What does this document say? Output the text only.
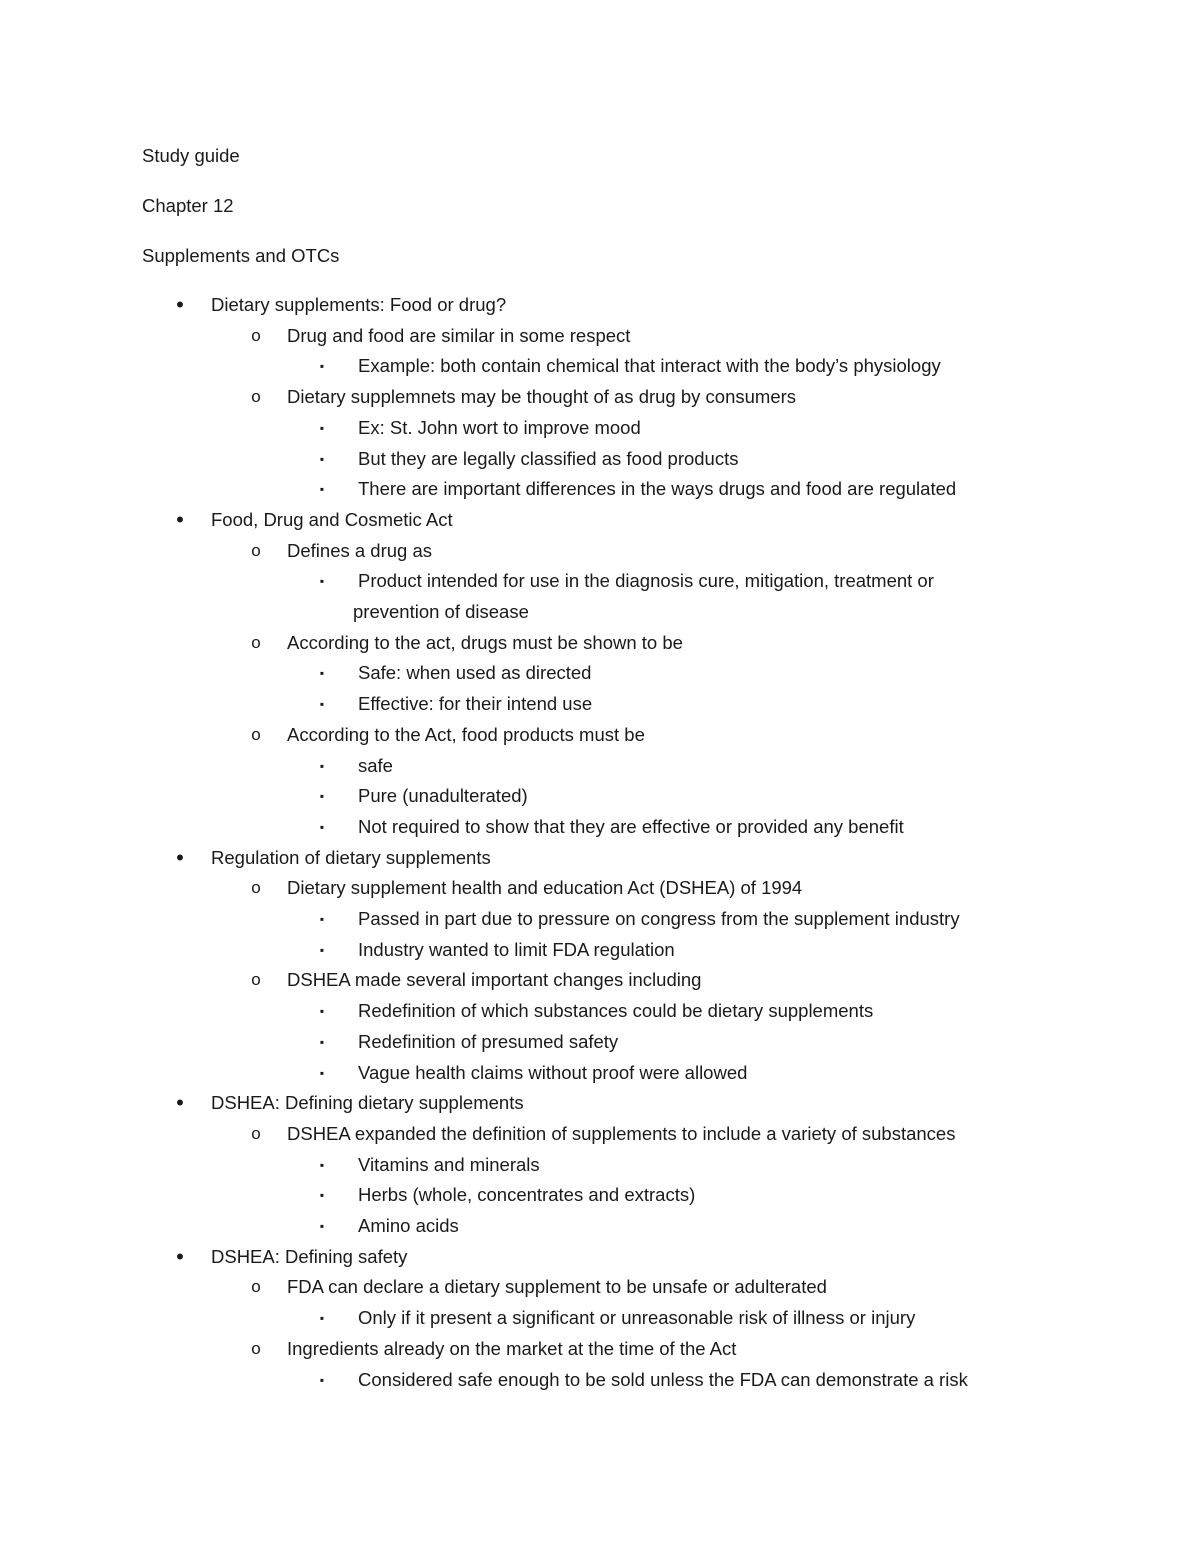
Study guide
Chapter 12
Supplements and OTCs
•	Dietary supplements: Food or drug?
o Drug and food are similar in some respect
▪	Example: both contain chemical that interact with the body’s physiology
o Dietary supplemnets may be thought of as drug by consumers
▪	Ex: St. John wort to improve mood
▪	But they are legally classified as food products
▪	There are important differences in the ways drugs and food are regulated
•	Food, Drug and Cosmetic Act
o Defines a drug as
▪	Product intended for use in the diagnosis cure, mitigation, treatment or
prevention of disease
o According to the act, drugs must be shown to be
▪	Safe: when used as directed
▪	Effective: for their intend use
o According to the Act, food products must be
▪	safe
▪	Pure (unadulterated)
▪	Not required to show that they are effective or provided any benefit
•	Regulation of dietary supplements
o Dietary supplement health and education Act (DSHEA) of 1994
▪	Passed in part due to pressure on congress from the supplement industry
▪	Industry wanted to limit FDA regulation
o DSHEA made several important changes including
▪	Redefinition of which substances could be dietary supplements
▪	Redefinition of presumed safety
▪	Vague health claims without proof were allowed
•	DSHEA: Defining dietary supplements
o DSHEA expanded the definition of supplements to include a variety of substances
▪	Vitamins and minerals
▪	Herbs (whole, concentrates and extracts)
▪	Amino acids
•	DSHEA: Defining safety
o FDA can declare a dietary supplement to be unsafe or adulterated
▪	Only if it present a significant or unreasonable risk of illness or injury
o Ingredients already on the market at the time of the Act
▪	Considered safe enough to be sold unless the FDA can demonstrate a risk
